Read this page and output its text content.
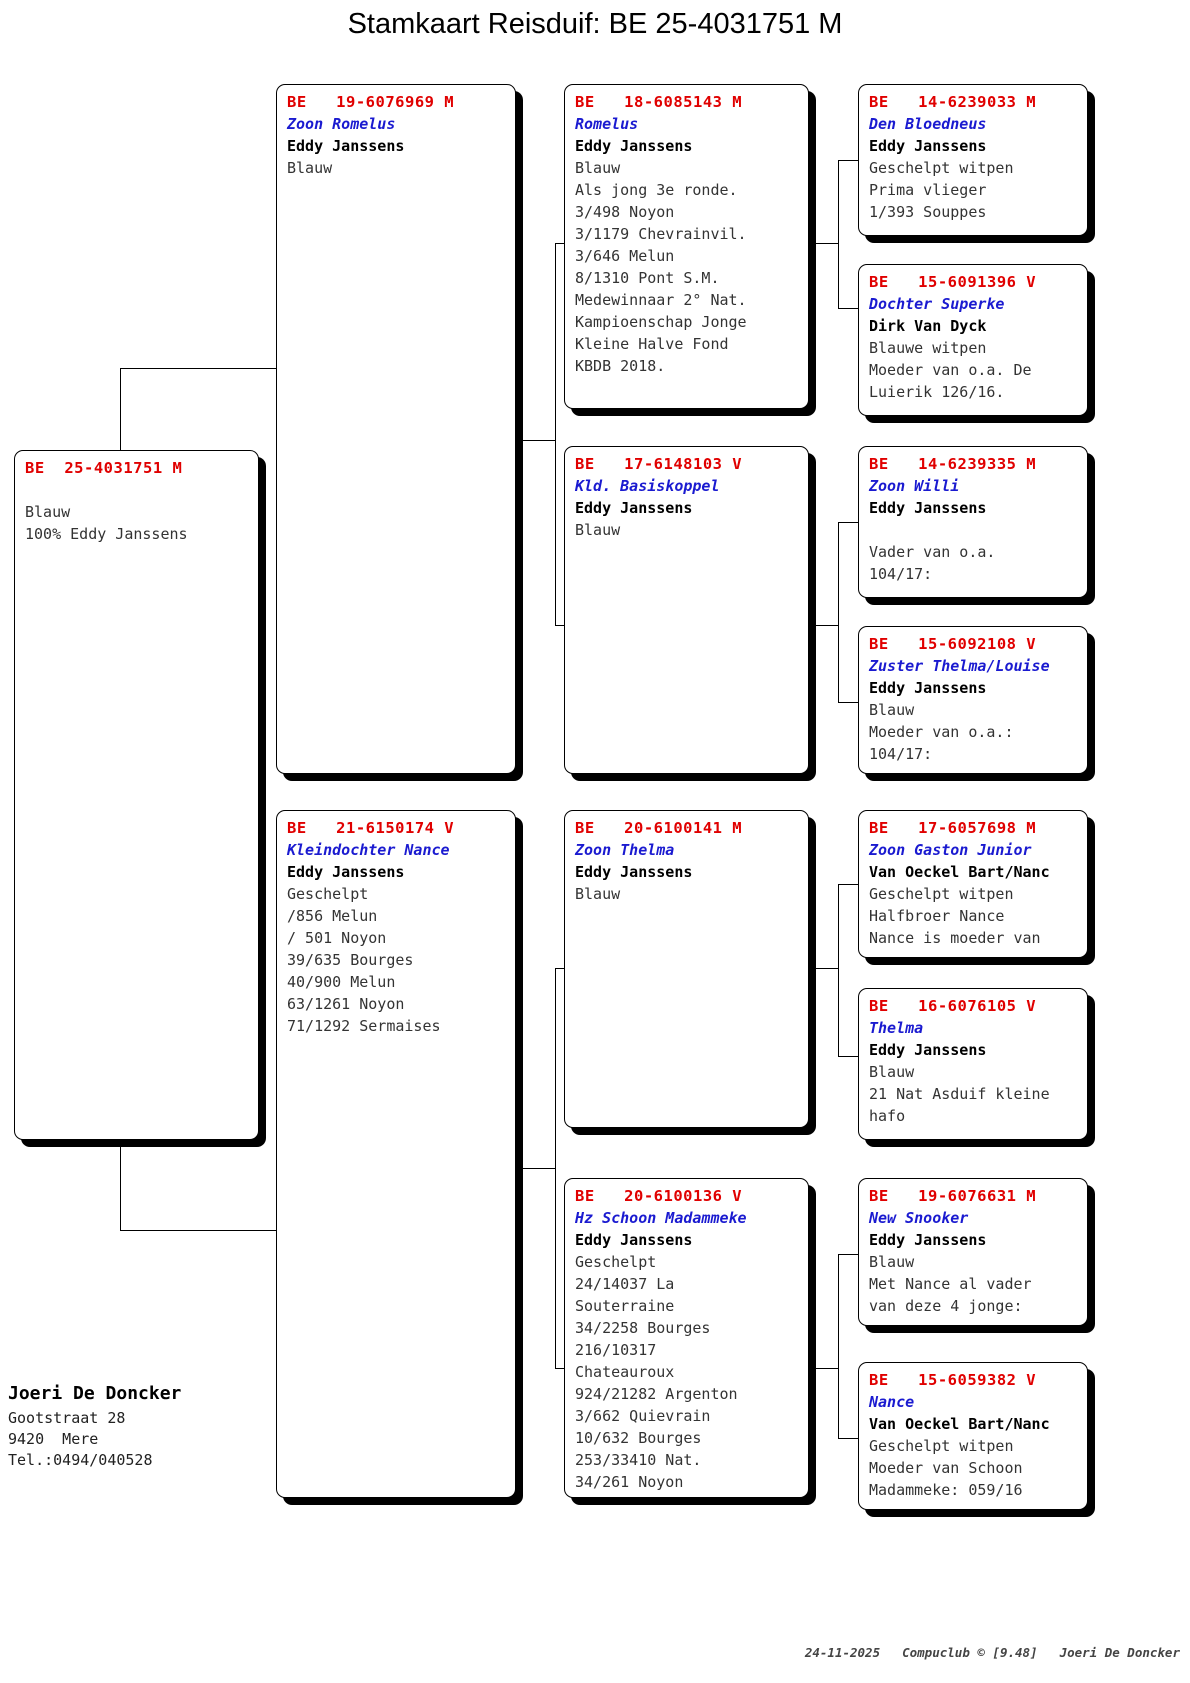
Stamkaart Reisduif: BE 25-4031751 M
BE  25-4031751 M
Blauw
100% Eddy Janssens
BE   19-6076969 M
Zoon Romelus
Eddy Janssens
Blauw
BE   21-6150174 V
Kleindochter Nance
Eddy Janssens
Geschelpt
/856 Melun
/ 501 Noyon
39/635 Bourges
40/900 Melun
63/1261 Noyon
71/1292 Sermaises
BE   18-6085143 M
Romelus
Eddy Janssens
Blauw
Als jong 3e ronde.
3/498 Noyon
3/1179 Chevrainvil.
3/646 Melun
8/1310 Pont S.M.
Medewinnaar 2° Nat.
Kampioenschap Jonge
Kleine Halve Fond
KBDB 2018.
BE   17-6148103 V
Kld. Basiskoppel
Eddy Janssens
Blauw
BE   20-6100141 M
Zoon Thelma
Eddy Janssens
Blauw
BE   20-6100136 V
Hz Schoon Madammeke
Eddy Janssens
Geschelpt
24/14037 La
Souterraine
34/2258 Bourges
216/10317
Chateauroux
924/21282 Argenton
3/662 Quievrain
10/632 Bourges
253/33410 Nat.
34/261 Noyon
BE   14-6239033 M
Den Bloedneus
Eddy Janssens
Geschelpt witpen
Prima vlieger
1/393 Souppes
BE   15-6091396 V
Dochter Superke
Dirk Van Dyck
Blauwe witpen
Moeder van o.a. De
Luierik 126/16.
BE   14-6239335 M
Zoon Willi
Eddy Janssens

Vader van o.a.
104/17:
BE   15-6092108 V
Zuster Thelma/Louise
Eddy Janssens
Blauw
Moeder van o.a.:
104/17:
BE   17-6057698 M
Zoon Gaston Junior
Van Oeckel Bart/Nanc
Geschelpt witpen
Halfbroer Nance
Nance is moeder van
BE   16-6076105 V
Thelma
Eddy Janssens
Blauw
21 Nat Asduif kleine
hafo
BE   19-6076631 M
New Snooker
Eddy Janssens
Blauw
Met Nance al vader
van deze 4 jonge:
BE   15-6059382 V
Nance
Van Oeckel Bart/Nanc
Geschelpt witpen
Moeder van Schoon
Madammeke: 059/16
Joeri De Doncker
Gootstraat 28
9420  Mere
Tel.:0494/040528

24-11-2025 Compuclub © [9.48] Joeri De Doncker
